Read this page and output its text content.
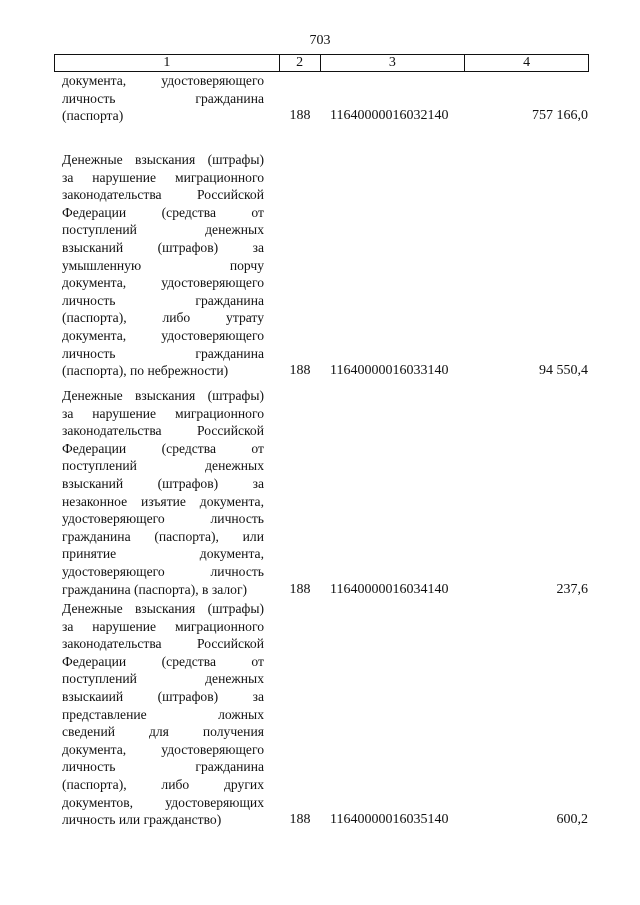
703
1	2	3	4
документа, удостоверяющего
личность гражданина
(паспорта)	188 11640000016032140	757 166,0
Денежные взыскания (штрафы)
за нарушение миграционного
законодательства Российской
Федерации (средства от
поступлений денежных
взысканий (штрафов) за
умышленную порчу
документа, удостоверяющего
личность гражданина
(паспорта), либо утрату
документа, удостоверяющего
личность гражданина
(паспорта), по небрежности)	188 11640000016033140	94 550,4
Денежные взыскания (штрафы)
за нарушение миграционного
законодательства Российской
Федерации (средства от
поступлений денежных
взысканий (штрафов) за
незаконное изъятие документа,
удостоверяющего личность
гражданина (паспорта), или
принятие документа,
удостоверяющего личность
гражданина (паспорта), в залог)	188 11640000016034140	237,6
Денежные взыскания (штрафы)
за нарушение миграционного
законодательства Российской
Федерации (средства от
поступлений денежных
взыскаиий (штрафов) за
представление ложных
сведений для получения
документа, удостоверяющего
личность гражданина
(паспорта), либо других
документов, удостоверяющих
личность или гражданство)	188 11640000016035140	600,2
